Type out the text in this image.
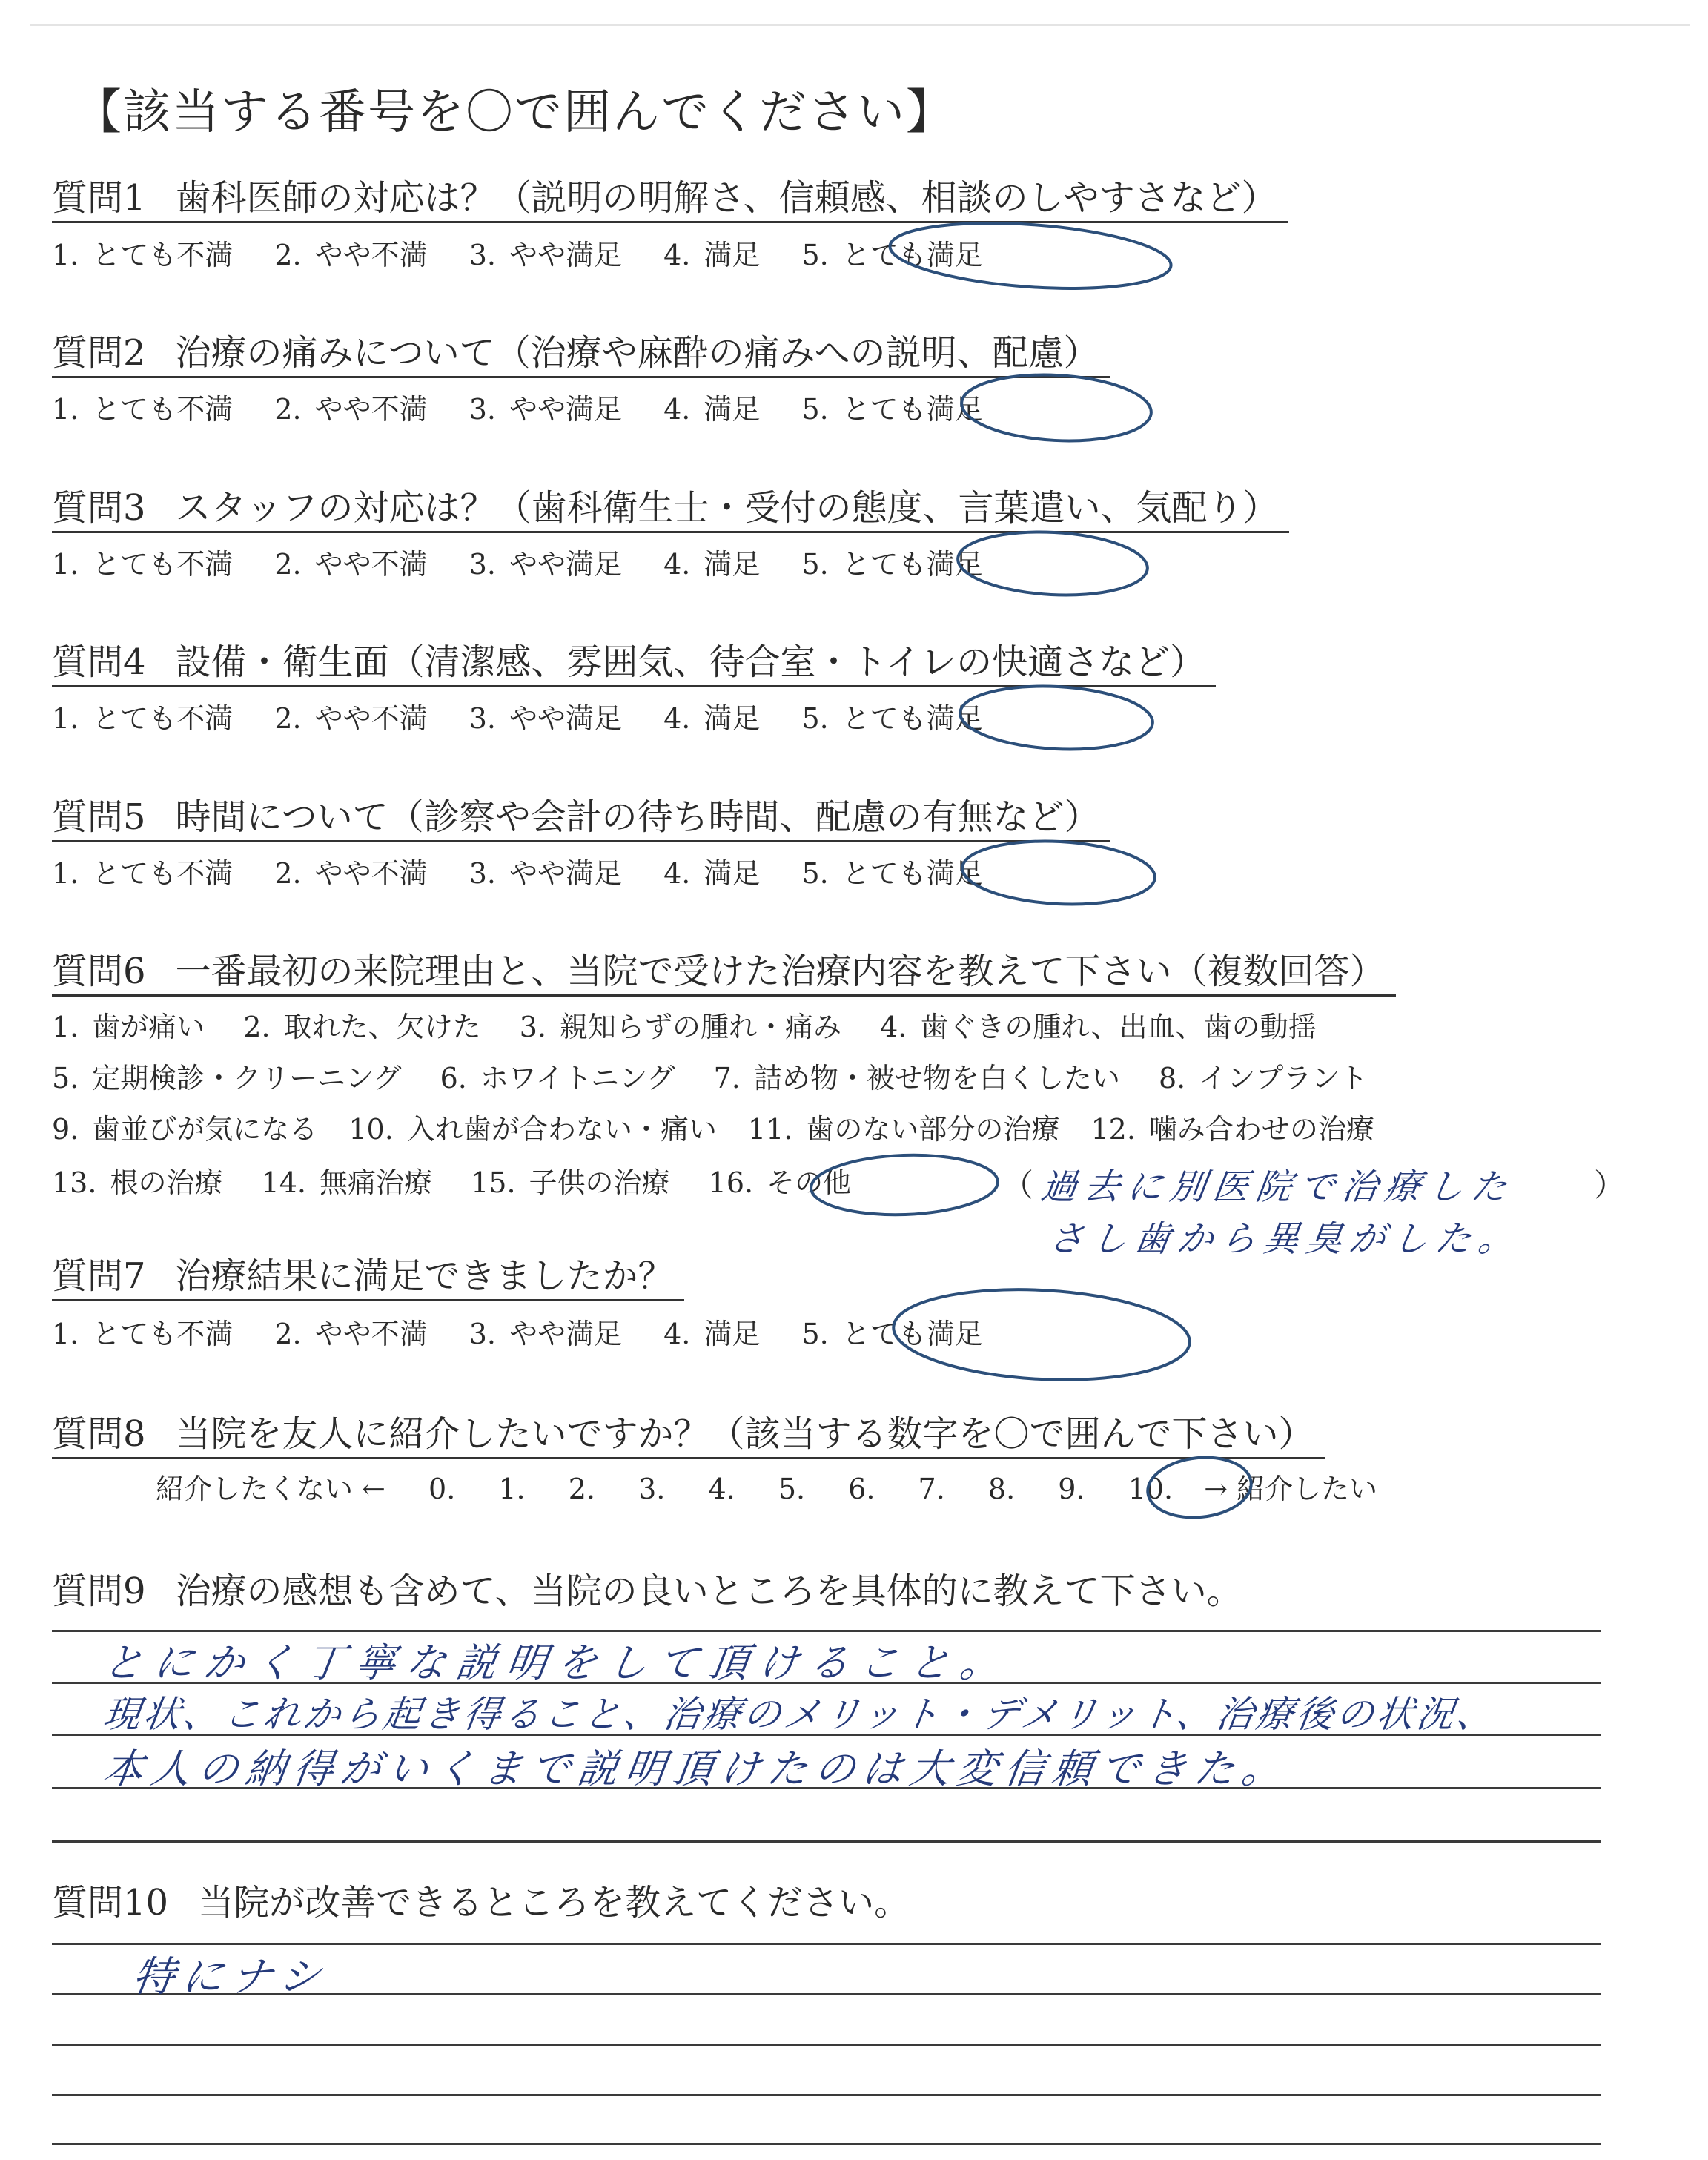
【該当する番号を〇で囲んでください】
質問1 歯科医師の対応は？（説明の明解さ、信頼感、相談のしやすさなど）
1. とても不満 2. やや不満 3. やや満足 4. 満足 5. とても満足
質問2 治療の痛みについて（治療や麻酔の痛みへの説明、配慮）
1. とても不満 2. やや不満 3. やや満足 4. 満足 5. とても満足
質問3 スタッフの対応は？（歯科衛生士・受付の態度、言葉遣い、気配り）
1. とても不満 2. やや不満 3. やや満足 4. 満足 5. とても満足
質問4 設備・衛生面（清潔感、雰囲気、待合室・トイレの快適さなど）
1. とても不満 2. やや不満 3. やや満足 4. 満足 5. とても満足
質問5 時間について（診察や会計の待ち時間、配慮の有無など）
1. とても不満 2. やや不満 3. やや満足 4. 満足 5. とても満足
質問6 一番最初の来院理由と、当院で受けた治療内容を教えて下さい（複数回答）
1. 歯が痛い 2. 取れた、欠けた 3. 親知らずの腫れ・痛み 4. 歯ぐきの腫れ、出血、歯の動揺
5. 定期検診・クリーニング 6. ホワイトニング 7. 詰め物・被せ物を白くしたい 8. インプラント
9. 歯並びが気になる 10. 入れ歯が合わない・痛い 11. 歯のない部分の治療 12. 噛み合わせの治療
13. 根の治療 14. 無痛治療 15. 子供の治療 16. その他	（	）
過去に別医院で治療した
さし歯から異臭がした。
質問7 治療結果に満足できましたか？
1. とても不満 2. やや不満 3. やや満足 4. 満足 5. とても満足
質問8 当院を友人に紹介したいですか？（該当する数字を〇で囲んで下さい）
紹介したくない ← 0. 1. 2. 3. 4. 5. 6. 7. 8. 9. 10. → 紹介したい
質問9 治療の感想も含めて、当院の良いところを具体的に教えて下さい。
とにかく丁寧な説明をして頂けること。
現状、これから起き得ること、治療のメリット・デメリット、治療後の状況、
本人の納得がいくまで説明頂けたのは大変信頼できた。
質問10 当院が改善できるところを教えてください。
特にナシ
